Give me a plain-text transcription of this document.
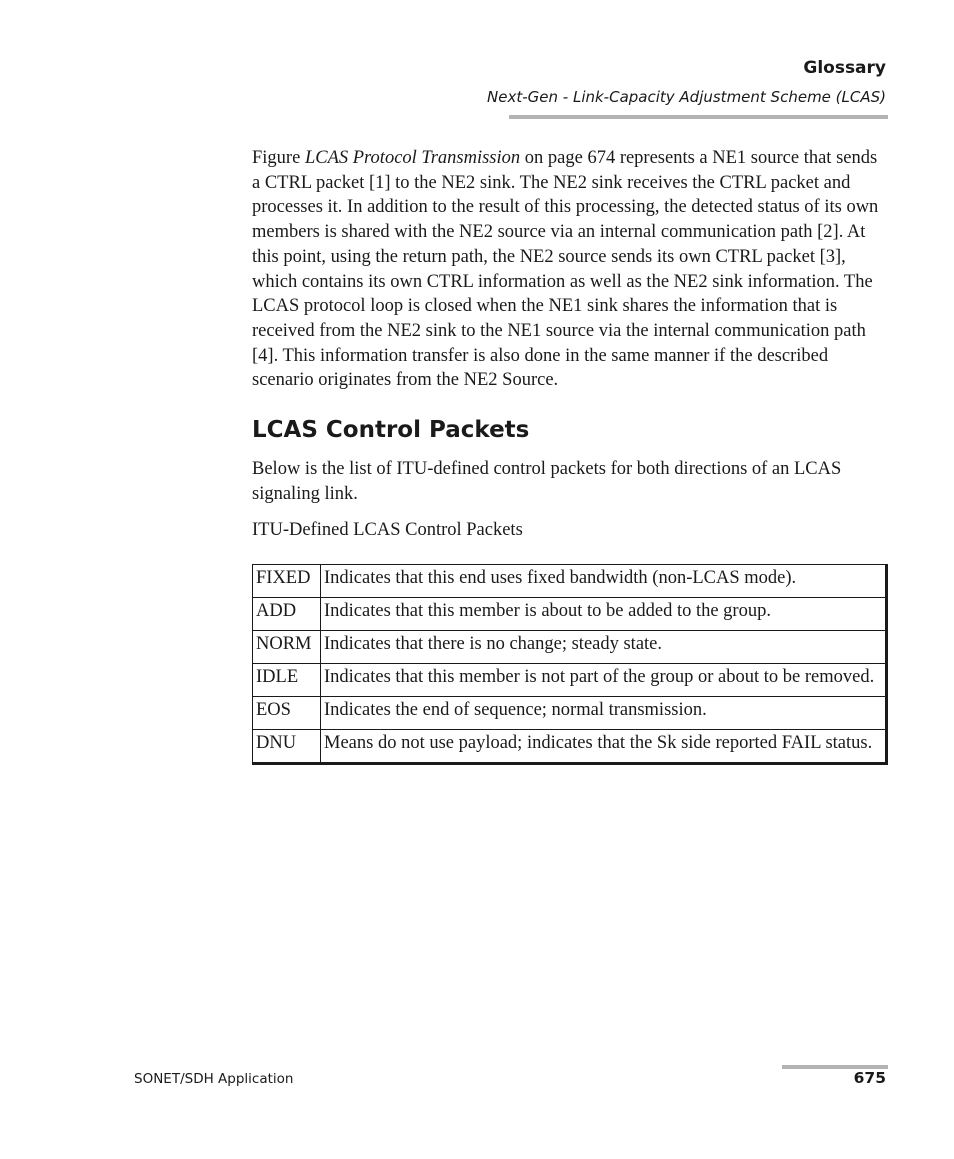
Glossary
Next-Gen - Link-Capacity Adjustment Scheme (LCAS)

Figure LCAS Protocol Transmission on page 674 represents a NE1 source that sends a CTRL packet [1] to the NE2 sink. The NE2 sink receives the CTRL packet and processes it. In addition to the result of this processing, the detected status of its own members is shared with the NE2 source via an internal communication path [2]. At this point, using the return path, the NE2 source sends its own CTRL packet [3], which contains its own CTRL information as well as the NE2 sink information. The LCAS protocol loop is closed when the NE1 sink shares the information that is received from the NE2 sink to the NE1 source via the internal communication path [4]. This information transfer is also done in the same manner if the described scenario originates from the NE2 Source.

LCAS Control Packets

Below is the list of ITU-defined control packets for both directions of an LCAS signaling link.

ITU-Defined LCAS Control Packets

FIXED	Indicates that this end uses fixed bandwidth (non-LCAS mode).
ADD	Indicates that this member is about to be added to the group.
NORM	Indicates that there is no change; steady state.
IDLE	Indicates that this member is not part of the group or about to be removed.
EOS	Indicates the end of sequence; normal transmission.
DNU	Means do not use payload; indicates that the Sk side reported FAIL status.
SONET/SDH Application	675
